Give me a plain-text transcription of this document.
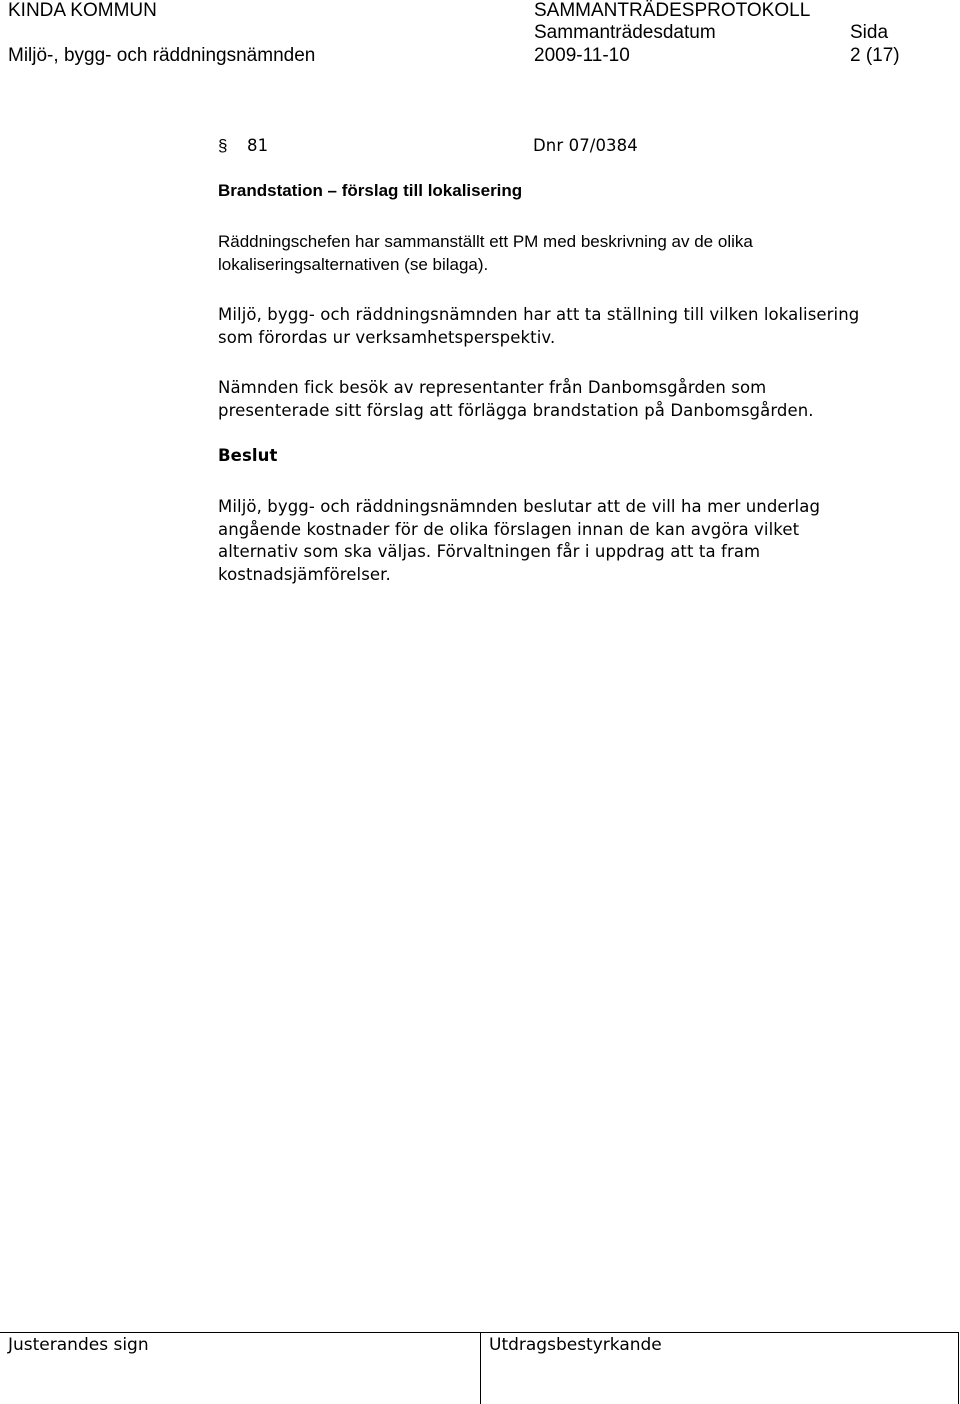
KINDA KOMMUN
Miljö-, bygg- och räddningsnämnden
SAMMANTRÄDESPROTOKOLL
Sammanträdesdatum
2009-11-10
Sida
2 (17)
§ 81	Dnr 07/0384
Brandstation – förslag till lokalisering
Räddningschefen har sammanställt ett PM med beskrivning av de olika
lokaliseringsalternativen (se bilaga).
Miljö, bygg- och räddningsnämnden har att ta ställning till vilken lokalisering
som förordas ur verksamhetsperspektiv.
Nämnden fick besök av representanter från Danbomsgården som
presenterade sitt förslag att förlägga brandstation på Danbomsgården.
Beslut
Miljö, bygg- och räddningsnämnden beslutar att de vill ha mer underlag
angående kostnader för de olika förslagen innan de kan avgöra vilket
alternativ som ska väljas. Förvaltningen får i uppdrag att ta fram
kostnadsjämförelser.
Justerandes sign	Utdragsbestyrkande
